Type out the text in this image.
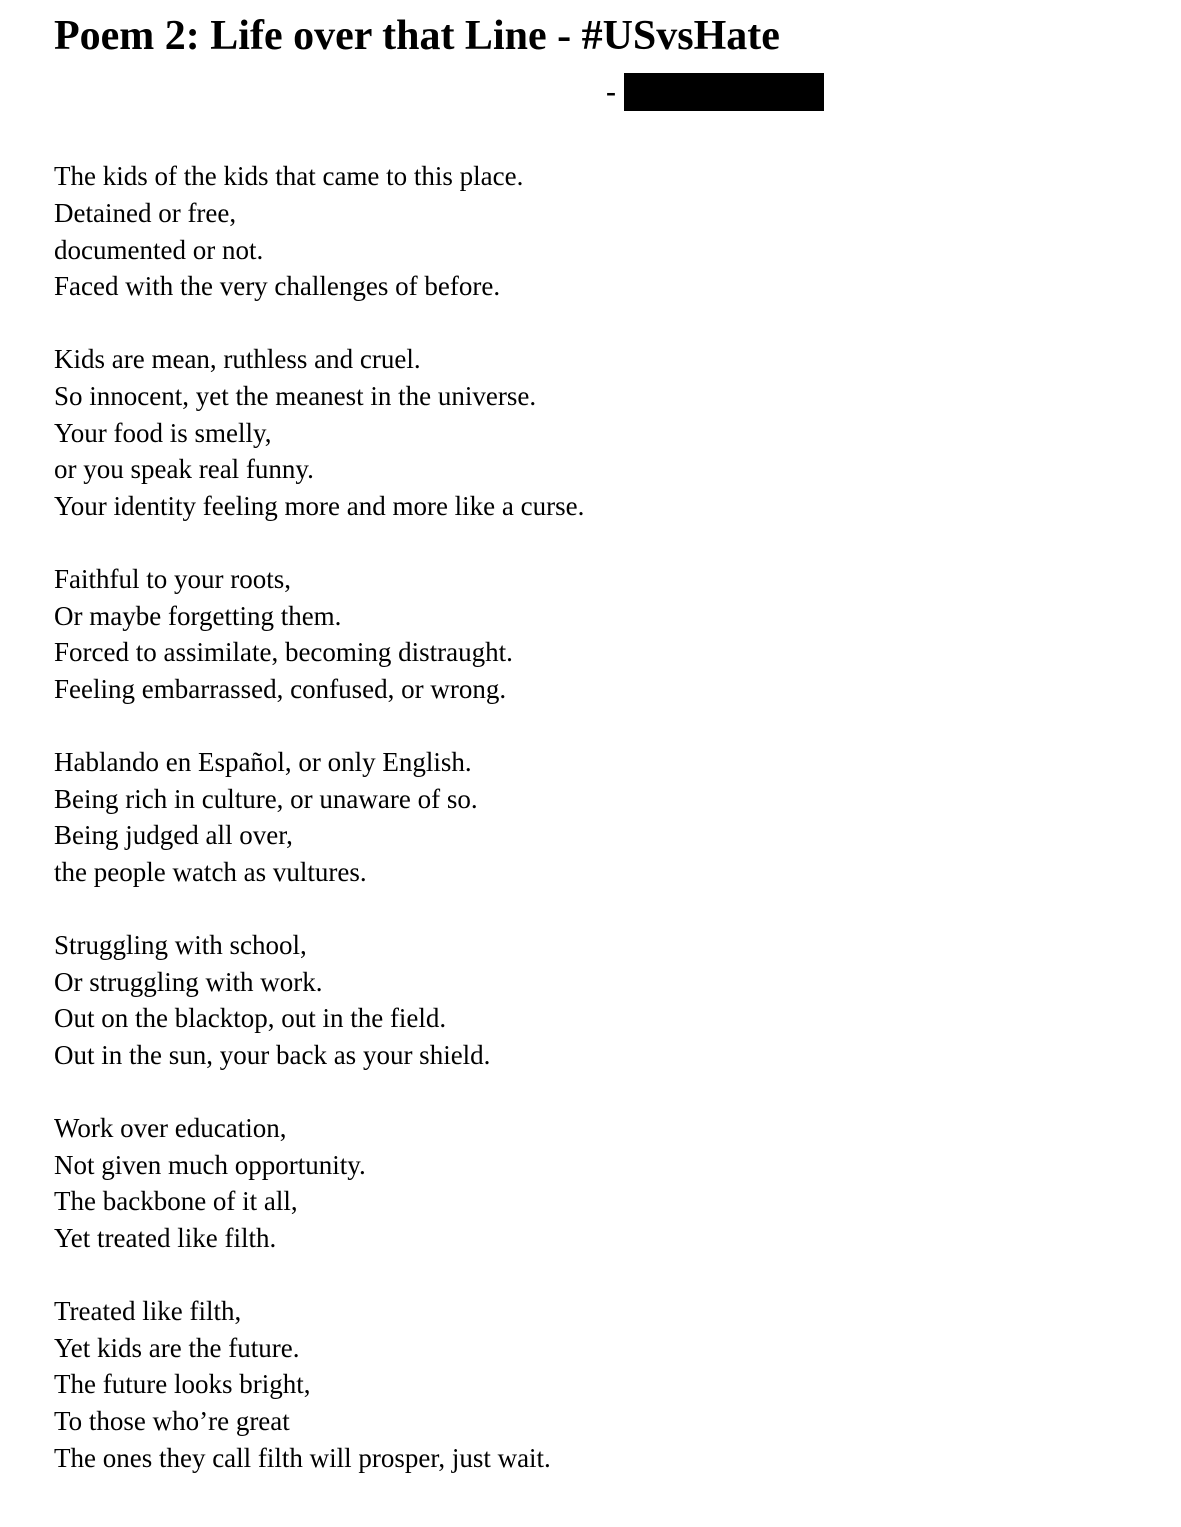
Poem 2: Life over that Line - #USvsHate
-
The kids of the kids that came to this place.
Detained or free,
documented or not.
Faced with the very challenges of before.
Kids are mean, ruthless and cruel.
So innocent, yet the meanest in the universe.
Your food is smelly,
or you speak real funny.
Your identity feeling more and more like a curse.
Faithful to your roots,
Or maybe forgetting them.
Forced to assimilate, becoming distraught.
Feeling embarrassed, confused, or wrong.
Hablando en Español, or only English.
Being rich in culture, or unaware of so.
Being judged all over,
the people watch as vultures.
Struggling with school,
Or struggling with work.
Out on the blacktop, out in the field.
Out in the sun, your back as your shield.
Work over education,
Not given much opportunity.
The backbone of it all,
Yet treated like filth.
Treated like filth,
Yet kids are the future.
The future looks bright,
To those who’re great
The ones they call filth will prosper, just wait.
